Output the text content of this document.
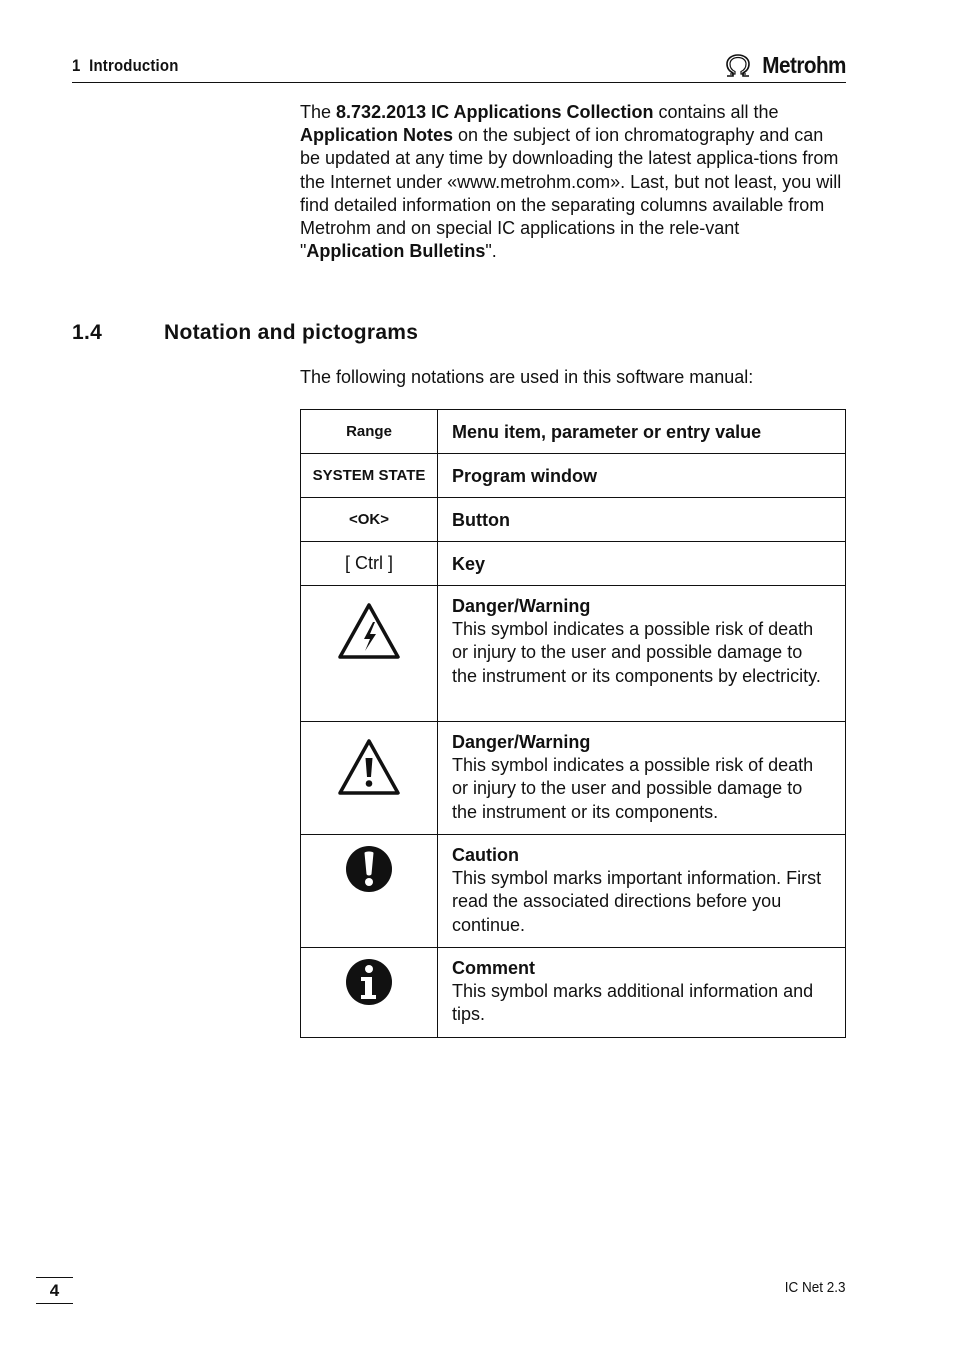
1  Introduction	Metrohm

The 8.732.2013 IC Applications Collection contains all the Application Notes on the subject of ion chromatography and can be updated at any time by downloading the latest applica-tions from the Internet under «www.metrohm.com». Last, but not least, you will find detailed information on the separating columns available from Metrohm and on special IC applications in the rele-vant "Application Bulletins".

1.4	Notation and pictograms

The following notations are used in this software manual:

Range	Menu item, parameter or entry value

SYSTEM STATE	Program window

<OK>	Button

[ Ctrl ]	Key

Danger/Warning
This symbol indicates a possible risk of death or injury to the user and possible damage to the instrument or its components by electricity.

Danger/Warning
This symbol indicates a possible risk of death or injury to the user and possible damage to the instrument or its components.

Caution
This symbol marks important information. First read the associated directions before you continue.

Comment
This symbol marks additional information and tips.
4	IC Net 2.3
